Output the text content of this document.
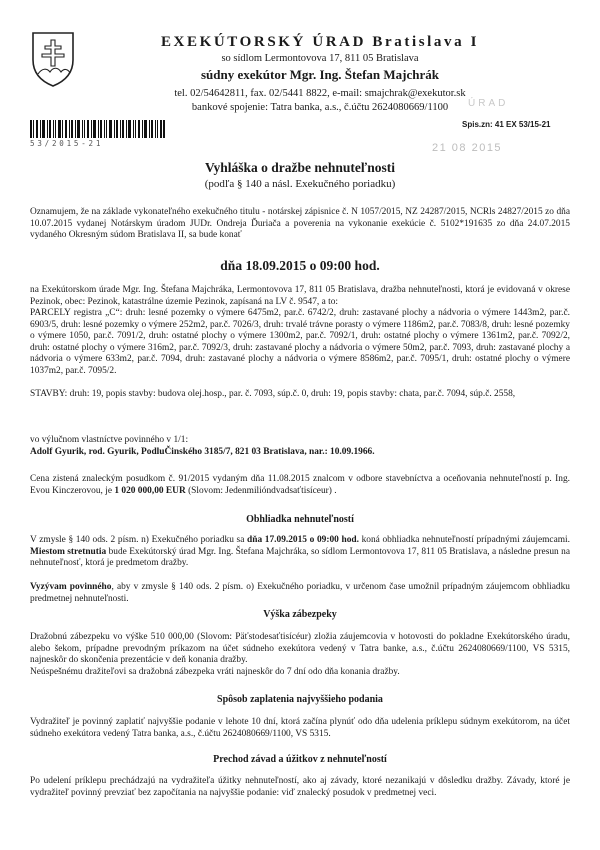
EXEKÚTORSKÝ ÚRAD Bratislava I
so sídlom Lermontovova 17, 811 05 Bratislava
súdny exekútor Mgr. Ing. Štefan Majchrák
tel. 02/54642811, fax. 02/5441 8822, e-mail: smajchrak@exekutor.sk
bankové spojenie: Tatra banka, a.s., č.účtu 2624080669/1100	ÚRAD
53/2015-21
Spis.zn: 41 EX 53/15-21
21 08 2015
Vyhláška o dražbe nehnuteľnosti
(podľa § 140 a násl. Exekučného poriadku)
Oznamujem, že na základe vykonateľného exekučného titulu - notárskej zápisnice č. N 1057/2015, NZ 24287/2015, NCRls 24827/2015 zo dňa 10.07.2015 vydanej Notárskym úradom JUDr. Ondreja Ďuriača a poverenia na vykonanie exekúcie č. 5102*191635 zo dňa 24.07.2015 vydaného Okresným súdom Bratislava II, sa bude konať
dňa 18.09.2015 o 09:00 hod.
na Exekútorskom úrade Mgr. Ing. Štefana Majchráka, Lermontovova 17, 811 05 Bratislava, dražba nehnuteľnosti, ktorá je evidovaná v okrese Pezinok, obec: Pezinok, katastrálne územie Pezinok, zapísaná na LV č. 9547, a to:
PARCELY registra „C“: druh: lesné pozemky o výmere 6475m2, par.č. 6742/2, druh: zastavané plochy a nádvoria o výmere 1443m2, par.č. 6903/5, druh: lesné pozemky o výmere 252m2, par.č. 7026/3, druh: trvalé trávne porasty o výmere 1186m2, par.č. 7083/8, druh: lesné pozemky o výmere 1050, par.č. 7091/2, druh: ostatné plochy o výmere 1300m2, par.č. 7092/1, druh: ostatné plochy o výmere 1361m2, par.č. 7092/2, druh: ostatné plochy o výmere 316m2, par.č. 7092/3, druh: zastavané plochy a nádvoria o výmere 50m2, par.č. 7093, druh: zastavané plochy a nádvoria o výmere 633m2, par.č. 7094, druh: zastavané plochy a nádvoria o výmere 8586m2, par.č. 7095/1, druh: ostatné plochy o výmere 1037m2, par.č. 7095/2.
STAVBY: druh: 19, popis stavby: budova olej.hosp., par. č. 7093, súp.č. 0, druh: 19, popis stavby: chata, par.č. 7094, súp.č. 2558,
vo výlučnom vlastníctve povinného v 1/1:
Adolf Gyurik, rod. Gyurik, PodluČinského 3185/7, 821 03 Bratislava, nar.: 10.09.1966.
Cena zistená znaleckým posudkom č. 91/2015 vydaným dňa 11.08.2015 znalcom v odbore stavebníctva a oceňovania nehnuteľností p. Ing. Evou Kinczerovou, je 1 020 000,00 EUR (Slovom: Jedenmilióndvadsaťtisíceur) .
Obhliadka nehnuteľností
V zmysle § 140 ods. 2 písm. n) Exekučného poriadku sa dňa 17.09.2015 o 09:00 hod. koná obhliadka nehnuteľností prípadnými záujemcami. Miestom stretnutia bude Exekútorský úrad Mgr. Ing. Štefana Majchráka, so sídlom Lermontovova 17, 811 05 Bratislava, a následne presun na nehnuteľnosť, ktorá je predmetom dražby.
Vyzývam povinného, aby v zmysle § 140 ods. 2 písm. o) Exekučného poriadku, v určenom čase umožnil prípadným záujemcom obhliadku predmetnej nehnuteľnosti.
Výška zábezpeky
Dražobnú zábezpeku vo výške 510 000,00 (Slovom: Päťstodesaťtisícéur) zložia záujemcovia v hotovosti do pokladne Exekútorského úradu, alebo šekom, prípadne prevodným príkazom na účet súdneho exekútora vedený v Tatra banke, a.s., č.účtu 2624080669/1100, VS 5315, najneskôr do skončenia prezentácie v deň konania dražby.
Neúspešnému dražiteľovi sa dražobná zábezpeka vráti najneskôr do 7 dní odo dňa konania dražby.
Spôsob zaplatenia najvyššieho podania
Vydražiteľ je povinný zaplatiť najvyššie podanie v lehote 10 dní, ktorá začína plynúť odo dňa udelenia príklepu súdnym exekútorom, na účet súdneho exekútora vedený Tatra banka, a.s., č.účtu 2624080669/1100, VS 5315.
Prechod závad a úžitkov z nehnuteľností
Po udelení príklepu prechádzajú na vydražiteľa úžitky nehnuteľností, ako aj závady, ktoré nezanikajú v dôsledku dražby. Závady, ktoré je vydražiteľ povinný prevziať bez započítania na najvyššie podanie: viď znalecký posudok v predmetnej veci.
